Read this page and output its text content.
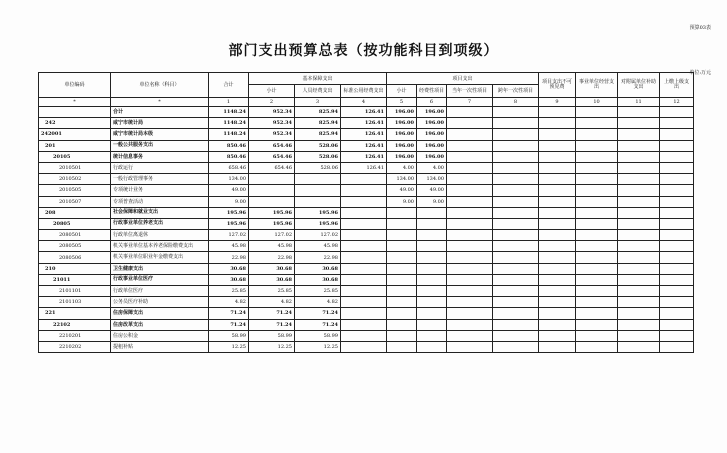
预算03表
部门支出预算总表（按功能科目到项级）
单位:万元
单位编码	单位名称（科目）	合计	基本保障支出			项目支出				项目支出不可预见费	事业单位经营支出	对附属单位补助支出	上缴上级支出
			小计	人员经费支出	标准公用经费支出	小计	经费性项目	当年一次性项目	跨年一次性项目				
*	*	1	2	3	4	5	6	7	8	9	10	11	12
	合计	1148.24	952.34	825.94	126.41	196.00	196.00						
242	咸宁市统计局	1148.24	952.34	825.94	126.41	196.00	196.00						
242001	咸宁市统计局本级	1148.24	952.34	825.94	126.41	196.00	196.00						
201	一般公共服务支出	850.46	654.46	528.06	126.41	196.00	196.00						
20105	统计信息事务	850.46	654.46	528.06	126.41	196.00	196.00						
2010501	行政运行	658.46	654.46	528.06	126.41	4.00	4.00						
2010502	一般行政管理事务	134.00				134.00	134.00						
2010505	专项统计业务	49.00				49.00	49.00						
2010507	专项普查活动	9.00				9.00	9.00						
208	社会保障和就业支出	195.96	195.96	195.96									
20805	行政事业单位养老支出	195.96	195.96	195.96									
2080501	行政单位离退休	127.02	127.02	127.02									
2080505	机关事业单位基本养老保险缴费支出	45.98	45.98	45.98									
2080506	机关事业单位职业年金缴费支出	22.98	22.98	22.98									
210	卫生健康支出	30.68	30.68	30.68									
21011	行政事业单位医疗	30.68	30.68	30.68									
2101101	行政单位医疗	25.85	25.85	25.85									
2101103	公务员医疗补助	4.82	4.82	4.82									
221	住房保障支出	71.24	71.24	71.24									
22102	住房改革支出	71.24	71.24	71.24									
2210201	住房公积金	58.99	58.99	58.99									
2210202	提租补贴	12.25	12.25	12.25									
